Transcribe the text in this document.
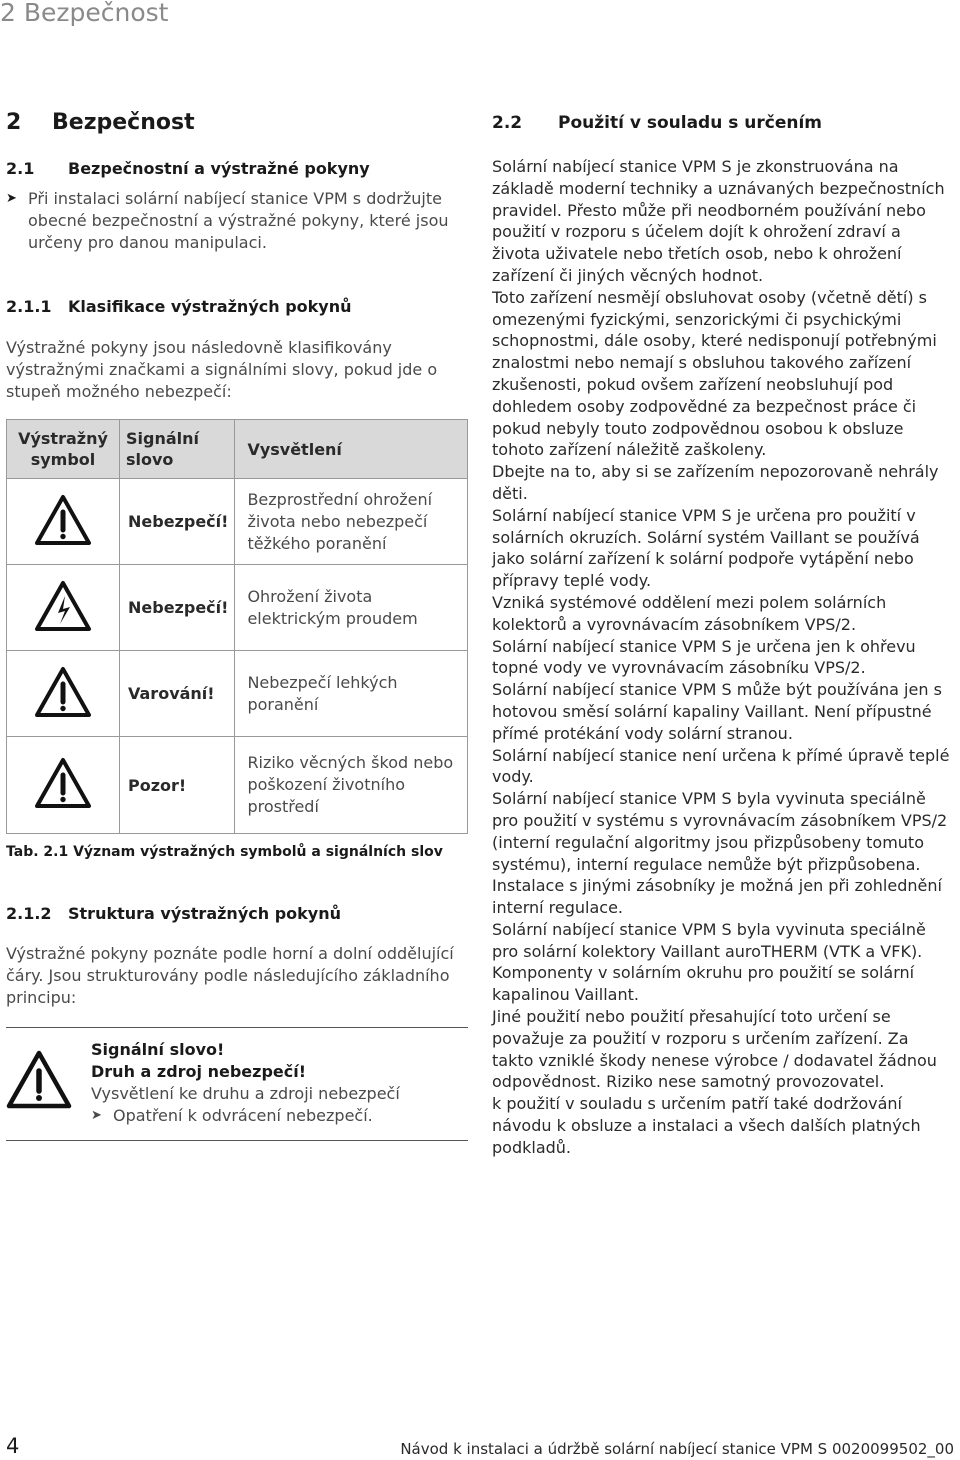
2 Bezpečnost
2 Bezpečnost
2.1 Bezpečnostní a výstražné pokyny
➤ Při instalaci solární nabíjecí stanice VPM s dodržujte obecné bezpečnostní a výstražné pokyny, které jsou určeny pro danou manipulaci.

2.1.1 Klasifikace výstražných pokynů

Výstražné pokyny jsou následovně klasifikovány výstražnými značkami a signálními slovy, pokud jde o stupeň možného nebezpečí:

Výstražný symbol	Signální slovo	Vysvětlení
	Nebezpečí!	Bezprostřední ohrožení života nebo nebezpečí těžkého poranění
	Nebezpečí!	Ohrožení života elektrickým proudem
	Varování!	Nebezpečí lehkých poranění
	Pozor!	Riziko věcných škod nebo poškození životního prostředí
Tab. 2.1 Význam výstražných symbolů a signálních slov
2.1.2 Struktura výstražných pokynů

Výstražné pokyny poznáte podle horní a dolní oddělující čáry. Jsou strukturovány podle následujícího základního principu:

Signální slovo!
Druh a zdroj nebezpečí!
Vysvětlení ke druhu a zdroji nebezpečí
➤ Opatření k odvrácení nebezpečí.
2.2 Použití v souladu s určením

Solární nabíjecí stanice VPM S je zkonstruována na základě moderní techniky a uznávaných bezpečnostních pravidel. Přesto může při neodborném používání nebo použití v rozporu s účelem dojít k ohrožení zdraví a života uživatele nebo třetích osob, nebo k ohrožení zařízení či jiných věcných hodnot.

Toto zařízení nesmějí obsluhovat osoby (včetně dětí) s omezenými fyzickými, senzorickými či psychickými schopnostmi, dále osoby, které nedisponují potřebnými znalostmi nebo nemají s obsluhou takového zařízení zkušenosti, pokud ovšem zařízení neobsluhují pod dohledem osoby zodpovědné za bezpečnost práce či pokud nebyly touto zodpovědnou osobou k obsluze tohoto zařízení náležitě zaškoleny.

Dbejte na to, aby si se zařízením nepozorovaně nehrály děti.

Solární nabíjecí stanice VPM S je určena pro použití v solárních okruzích. Solární systém Vaillant se používá jako solární zařízení k solární podpoře vytápění nebo přípravy teplé vody.

Vzniká systémové oddělení mezi polem solárních kolektorů a vyrovnávacím zásobníkem VPS/2.

Solární nabíjecí stanice VPM S je určena jen k ohřevu topné vody ve vyrovnávacím zásobníku VPS/2.

Solární nabíjecí stanice VPM S může být používána jen s hotovou směsí solární kapaliny Vaillant. Není přípustné přímé protékání vody solární stranou.

Solární nabíjecí stanice není určena k přímé úpravě teplé vody.

Solární nabíjecí stanice VPM S byla vyvinuta speciálně pro použití v systému s vyrovnávacím zásobníkem VPS/2 (interní regulační algoritmy jsou přizpůsobeny tomuto systému), interní regulace nemůže být přizpůsobena. Instalace s jinými zásobníky je možná jen při zohlednění interní regulace.

Solární nabíjecí stanice VPM S byla vyvinuta speciálně pro solární kolektory Vaillant auroTHERM (VTK a VFK). Komponenty v solárním okruhu pro použití se solární kapalinou Vaillant.

Jiné použití nebo použití přesahující toto určení se považuje za použití v rozporu s určením zařízení. Za takto vzniklé škody nenese výrobce / dodavatel žádnou odpovědnost. Riziko nese samotný provozovatel.

k použití v souladu s určením patří také dodržování návodu k obsluze a instalaci a všech dalších platných podkladů.

4	Návod k instalaci a údržbě solární nabíjecí stanice VPM S 0020099502_00
